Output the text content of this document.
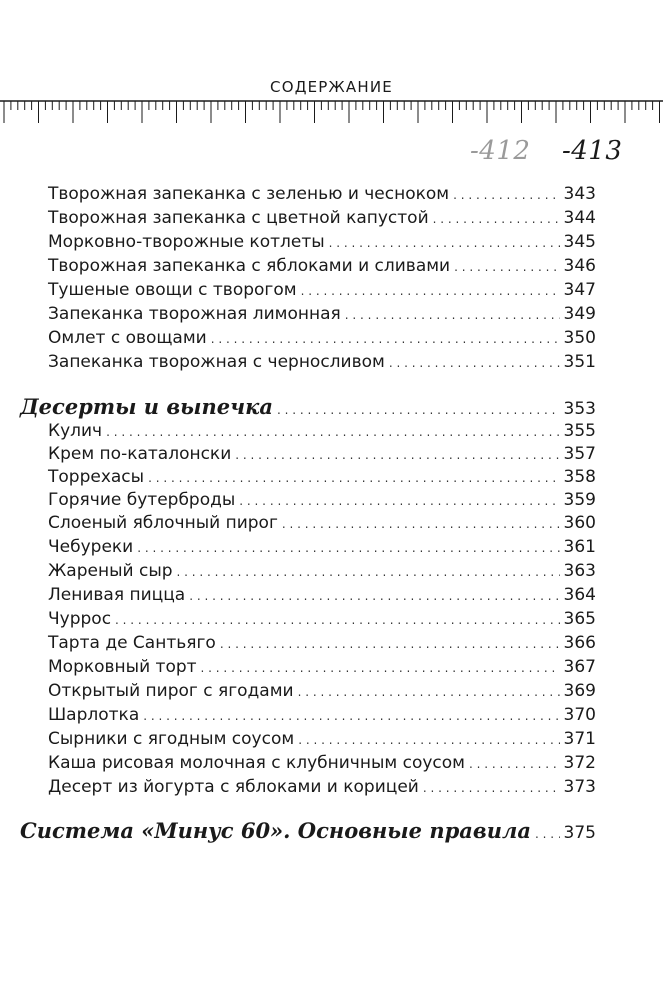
СОДЕРЖАНИЕ
-412 -413
Творожная запеканка с зеленью и чесноком . . .	343
Творожная запеканка с цветной капустой . . .	344
Морковно-творожные котлеты . . .	345
Творожная запеканка с яблоками и сливами . . .	346
Тушеные овощи с творогом . . .	347
Запеканка творожная лимонная . . .	349
Омлет с овощами . . .	350
Запеканка творожная с черносливом . . .	351
Десерты и выпечка . . .	353
Кулич . . .	355
Крем по-каталонски . . .	357
Торрехасы . . .	358
Горячие бутерброды . . .	359
Слоеный яблочный пирог . . .	360
Чебуреки . . .	361
Жареный сыр . . .	363
Ленивая пицца . . .	364
Чуррос . . .	365
Тарта де Сантьяго . . .	366
Морковный торт . . .	367
Открытый пирог с ягодами . . .	369
Шарлотка . . .	370
Сырники с ягодным соусом . . .	371
Каша рисовая молочная с клубничным соусом . . .	372
Десерт из йогурта с яблоками и корицей . . .	373
Система «Минус 60». Основные правила . . . 375
